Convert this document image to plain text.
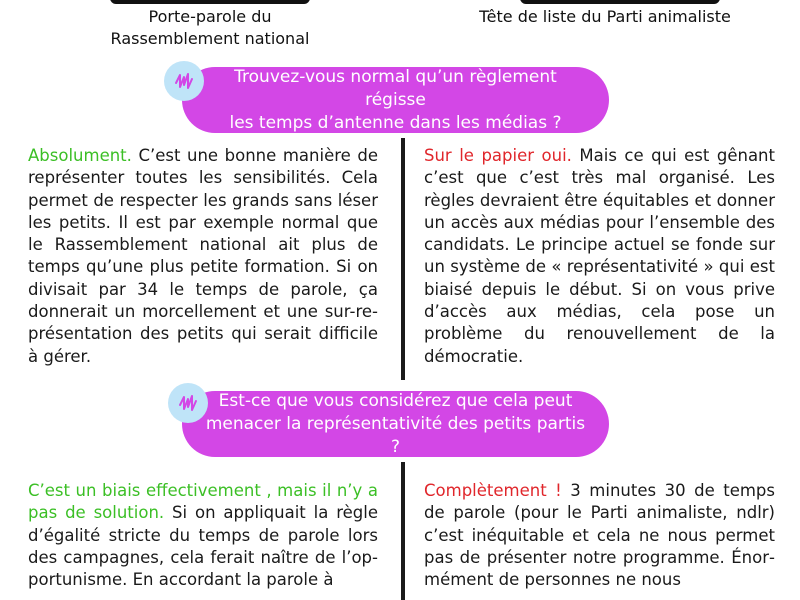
Porte-parole du
Rassemblement national
Tête de liste du Parti animaliste
Trouvez-vous normal qu’un règlement régisse
les temps d’antenne dans les médias ?

Absolument. C’est une bonne manière de représenter toutes les sensibilités. Cela permet de respecter les grands sans léser les petits. Il est par exemple normal que le Rassemblement national ait plus de temps qu’une plus petite formation. Si on divisait par 34 le temps de parole, ça donnerait un morcellement et une sur-représentation des petits qui serait difficile à gérer.

Sur le papier oui. Mais ce qui est gênant c’est que c’est très mal organisé. Les règles devraient être équitables et donner un accès aux médias pour l’ensemble des candidats. Le principe actuel se fonde sur un système de « représentativité » qui est biaisé depuis le début. Si on vous prive d’accès aux médias, cela pose un problème du renouvellement de la démocratie.

Est-ce que vous considérez que cela peut
menacer la représentativité des petits partis ?

C’est un biais effectivement , mais il n’y a pas de solution. Si on appliquait la règle d’égalité stricte du temps de parole lors des campagnes, cela ferait naître de l’opportunisme. En accordant la parole à

Complètement ! 3 minutes 30 de temps de parole (pour le Parti animaliste, ndlr) c’est inéquitable et cela ne nous permet pas de présenter notre programme. Énormément de personnes ne nous
